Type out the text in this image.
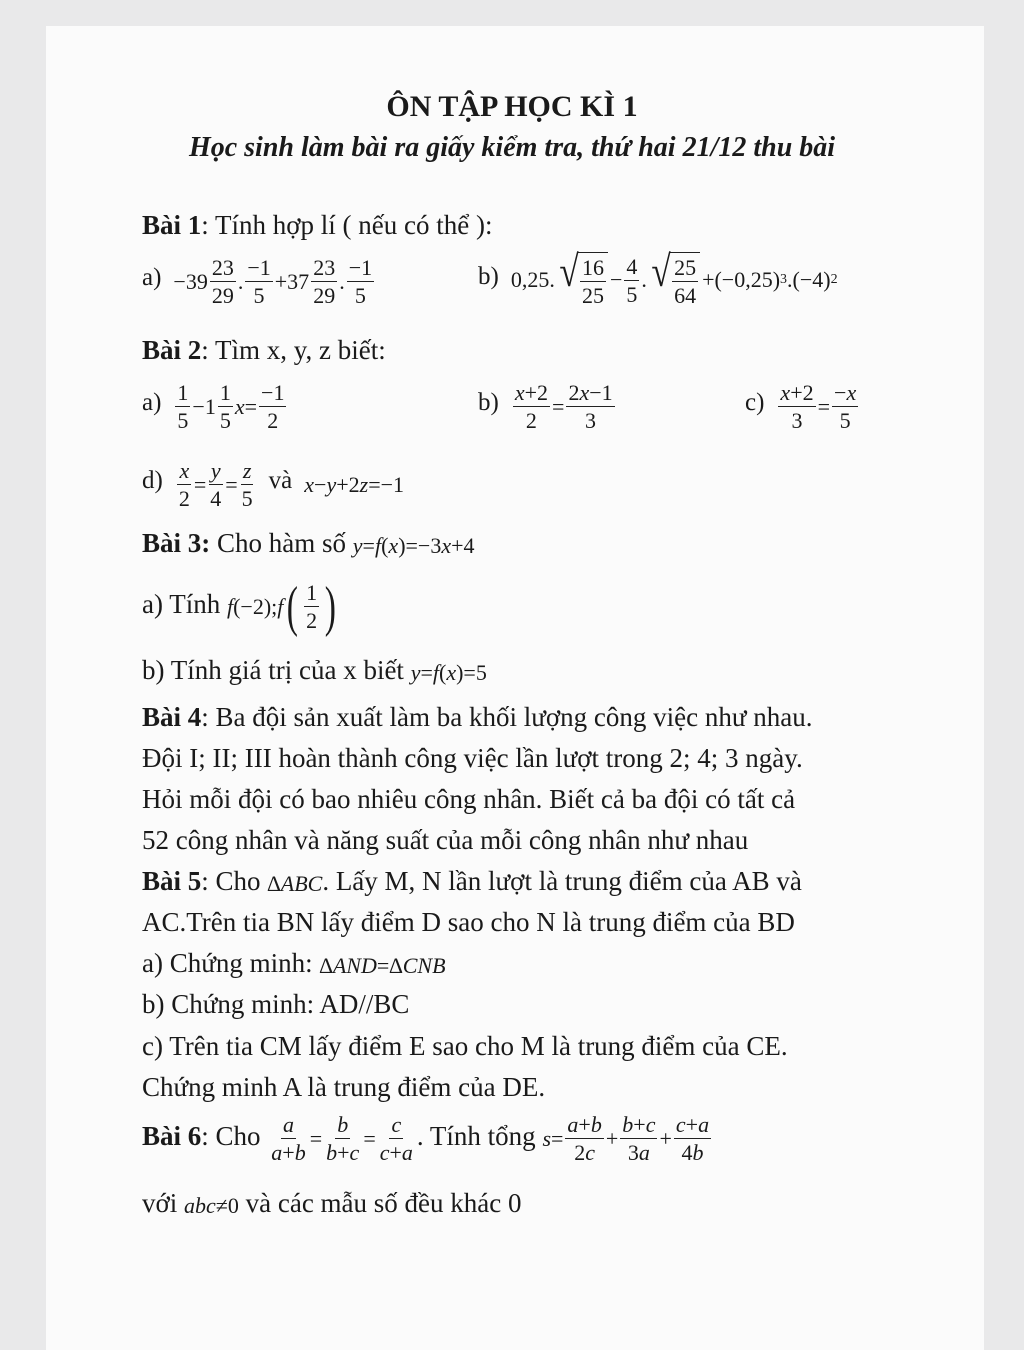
ÔN TẬP HỌC KÌ 1
Học sinh làm bài ra giấy kiểm tra, thứ hai 21/12 thu bài
Bài 1: Tính hợp lí ( nếu có thể ):
$a) -39 \frac{23}{29}$ . $\frac{-1}{5} +37 \frac{23}{29}$ . $\frac{-1}{5}$	b) 0,25. √ $\frac{16}{25} - \frac{4}{5}$ . √ $\frac{25}{64} +(-0,25)$ 3 .(−4) 2
Bài 2: Tìm x, y, z biết:
$a) \frac{1}{5} -1 \frac{1}{5}$ $x = \frac{-1}{2}$	$b) \frac{x+2}{2} = \frac{2x-1}{3}$	$c) \frac{x+2}{3} = \frac{-x}{5}$
$d) \frac{x}{2} = \frac{y}{4} = \frac{z}{5}$ và x − y +2 z =−1
Bài 3: Cho hàm số y = f ( x )=−3 x +4
a) Tính f (−2); f ( $\frac{1}{2}$ )
b) Tính giá trị của x biết y = f ( x )=5
Bài 4: Ba đội sản xuất làm ba khối lượng công việc như nhau.
Đội I; II; III hoàn thành công việc lần lượt trong 2; 4; 3 ngày.
Hỏi mỗi đội có bao nhiêu công nhân. Biết cả ba đội có tất cả
52 công nhân và năng suất của mỗi công nhân như nhau
Bài 5: Cho ∆ ABC . Lấy M, N lần lượt là trung điểm của AB và
AC.Trên tia BN lấy điểm D sao cho N là trung điểm của BD
a) Chứng minh: ∆ AND =∆ CNB
b) Chứng minh: AD//BC
c) Trên tia CM lấy điểm E sao cho M là trung điểm của CE.
Chứng minh A là trung điểm của DE.
Bài 6: Cho $\frac{a}{a+b} = \frac{b}{b+c} = \frac{c}{c+a}$ . Tính tổng $s = \frac{a+b}{2c} + \frac{b+c}{3a} + \frac{c+a}{4b}$
với abc ≠0 và các mẫu số đều khác 0
